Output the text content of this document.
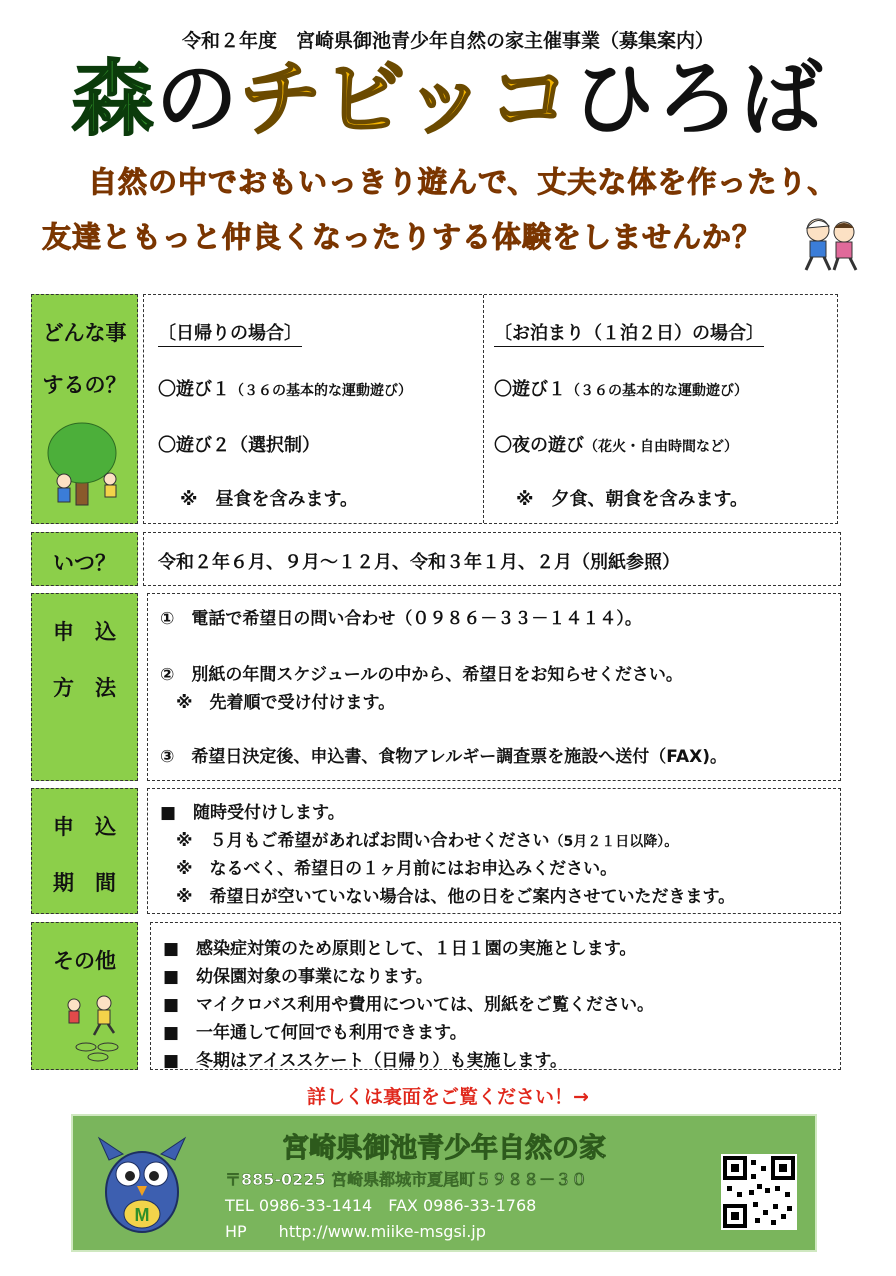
令和２年度　宮崎県御池青少年自然の家主催事業（募集案内）
森のチビッコひろば
自然の中でおもいっきり遊んで、丈夫な体を作ったり、
友達ともっと仲良くなったりする体験をしませんか？
どんな事
するの？
〔日帰りの場合〕
〇遊び１（３６の基本的な運動遊び）
〇遊び２（選択制）
※　昼食を含みます。
〔お泊まり（１泊２日）の場合〕
〇遊び１（３６の基本的な運動遊び）
〇夜の遊び（花火・自由時間など）
※　夕食、朝食を含みます。
いつ？	令和２年６月、９月～１２月、令和３年１月、２月（別紙参照）
申　込
方　法
①　電話で希望日の問い合わせ（０９８６－３３－１４１４）。
②　別紙の年間スケジュールの中から、希望日をお知らせください。
※　先着順で受け付けます。
③　希望日決定後、申込書、食物アレルギー調査票を施設へ送付（FAX)。
申　込
期　間
■　随時受付けします。
※　５月もご希望があればお問い合わせください（5月２１日以降）。
※　なるべく、希望日の１ヶ月前にはお申込みください。
※　希望日が空いていない場合は、他の日をご案内させていただきます。
その他	■　感染症対策のため原則として、１日１園の実施とします。
■　幼保園対象の事業になります。
■　マイクロバス利用や費用については、別紙をご覧ください。
■　一年通して何回でも利用できます。
■　冬期はアイススケート（日帰り）も実施します。
詳しくは裏面をご覧ください！→
宮崎県御池青少年自然の家
M
〒885-0225 宮崎県都城市夏尾町５９８８－３０
TEL 0986-33-1414　FAX 0986-33-1768
HP　　http://www.miike-msgsi.jp
